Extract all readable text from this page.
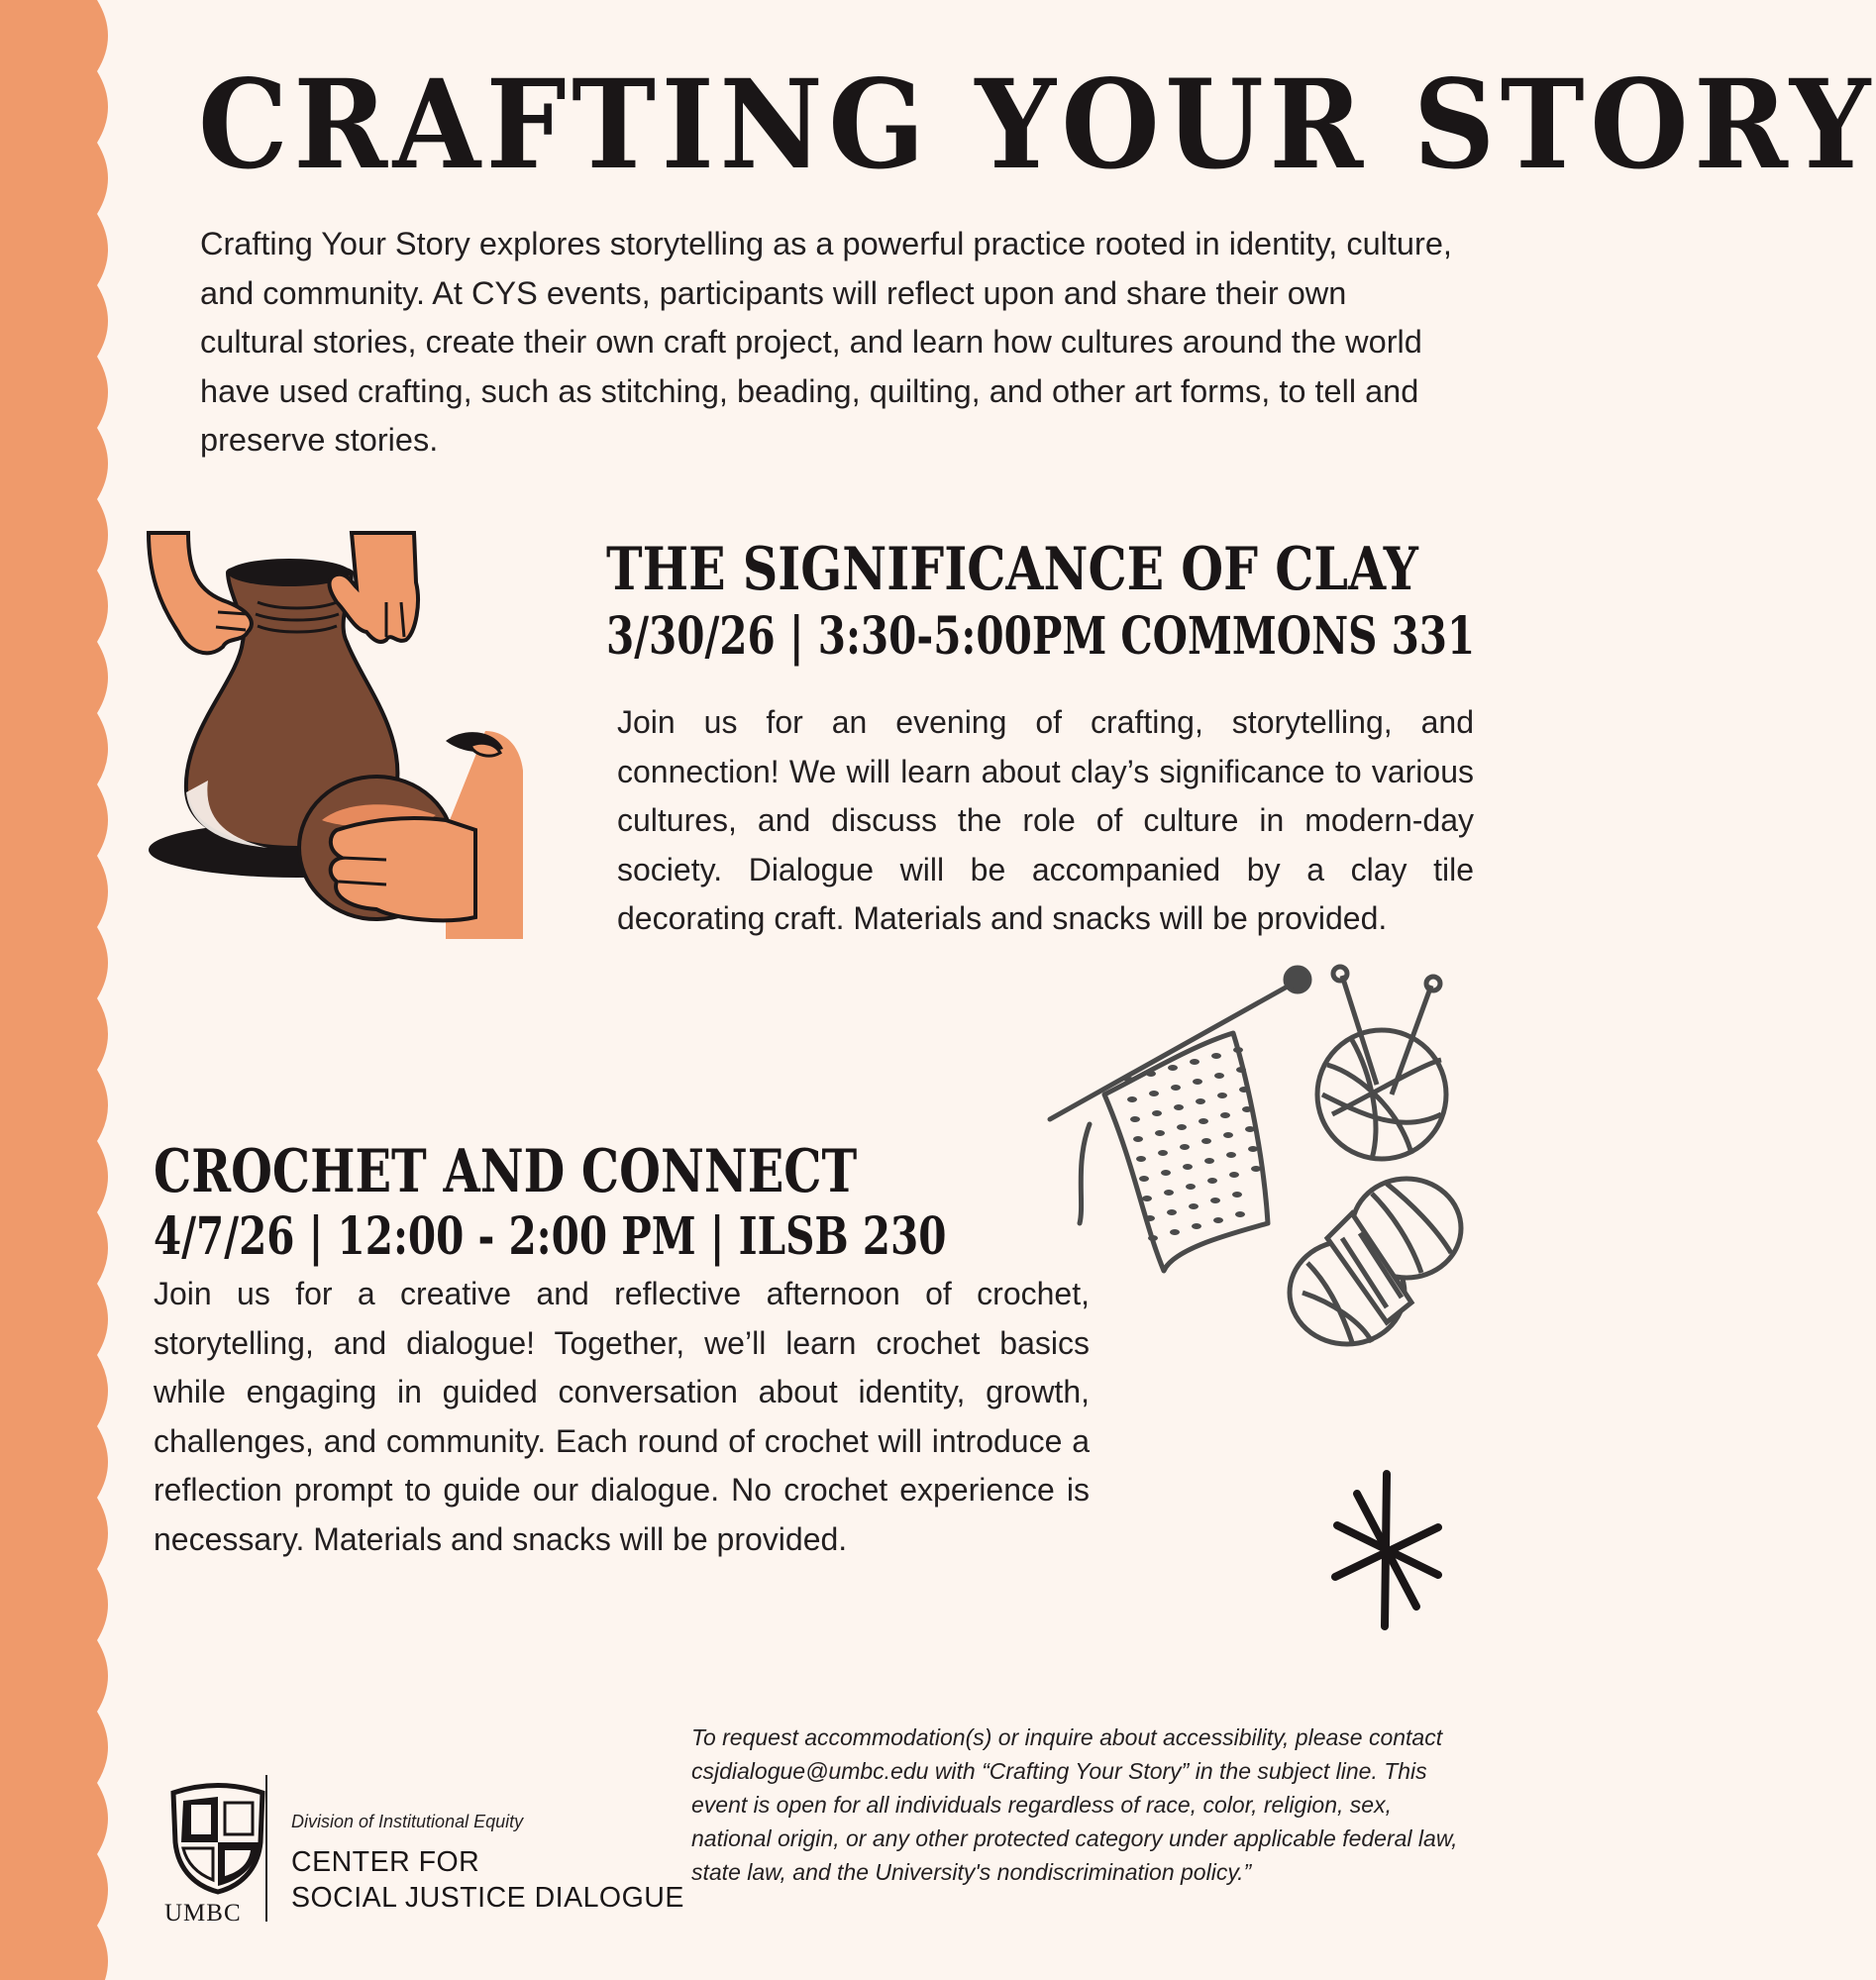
CRAFTING YOUR STORY
Crafting Your Story explores storytelling as a powerful practice rooted in identity, culture, and community. At CYS events, participants will reflect upon and share their own cultural stories, create their own craft project, and learn how cultures around the world have used crafting, such as stitching, beading, quilting, and other art forms, to tell and preserve stories.
THE SIGNIFICANCE OF CLAY
3/30/26 | 3:30-5:00PM COMMONS 331
Join us for an evening of crafting, storytelling, and connection! We will learn about clay’s significance to various cultures, and discuss the role of culture in modern-day society. Dialogue will be accompanied by a clay tile decorating craft. Materials and snacks will be provided.
CROCHET AND CONNECT
4/7/26 | 12:00 - 2:00 PM | ILSB 230
Join us for a creative and reflective afternoon of crochet, storytelling, and dialogue! Together, we’ll learn crochet basics while engaging in guided conversation about identity, growth, challenges, and community. Each round of crochet will introduce a reflection prompt to guide our dialogue. No crochet experience is necessary. Materials and snacks will be provided.
UMBC
Division of Institutional Equity
CENTER FOR
SOCIAL JUSTICE DIALOGUE
To request accommodation(s) or inquire about accessibility, please contact csjdialogue@umbc.edu with “Crafting Your Story” in the subject line. This event is open for all individuals regardless of race, color, religion, sex, national origin, or any other protected category under applicable federal law, state law, and the University's nondiscrimination policy.”
